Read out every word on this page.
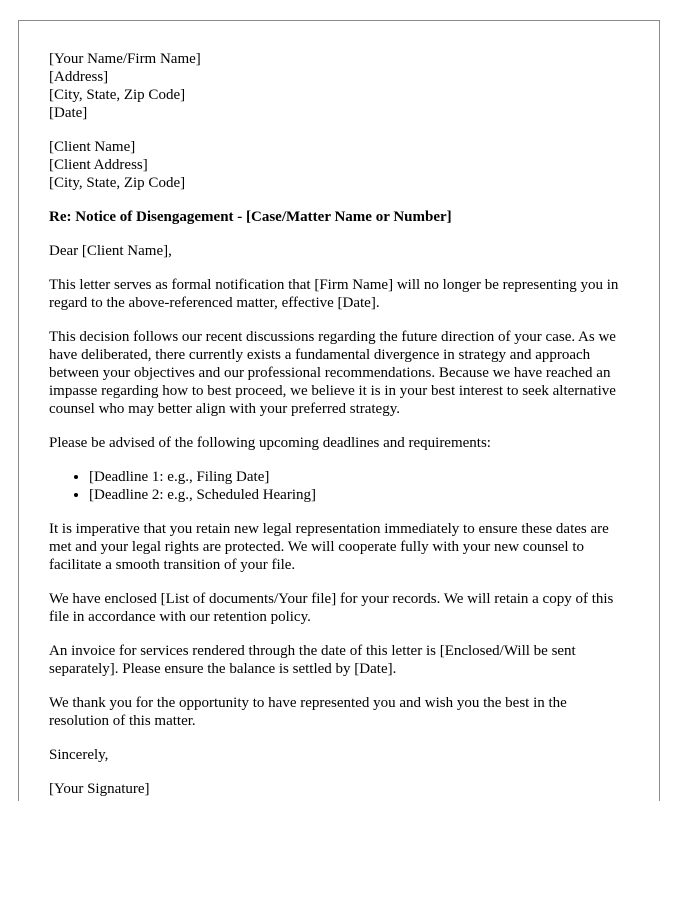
[Your Name/Firm Name]
[Address]
[City, State, Zip Code]
[Date]
[Client Name]
[Client Address]
[City, State, Zip Code]
Re: Notice of Disengagement - [Case/Matter Name or Number]

Dear [Client Name],

This letter serves as formal notification that [Firm Name] will no longer be representing you in regard to the above-referenced matter, effective [Date].

This decision follows our recent discussions regarding the future direction of your case. As we have deliberated, there currently exists a fundamental divergence in strategy and approach between your objectives and our professional recommendations. Because we have reached an impasse regarding how to best proceed, we believe it is in your best interest to seek alternative counsel who may better align with your preferred strategy.

Please be advised of the following upcoming deadlines and requirements:

• [Deadline 1: e.g., Filing Date]
• [Deadline 2: e.g., Scheduled Hearing]

It is imperative that you retain new legal representation immediately to ensure these dates are met and your legal rights are protected. We will cooperate fully with your new counsel to facilitate a smooth transition of your file.

We have enclosed [List of documents/Your file] for your records. We will retain a copy of this file in accordance with our retention policy.

An invoice for services rendered through the date of this letter is [Enclosed/Will be sent separately]. Please ensure the balance is settled by [Date].

We thank you for the opportunity to have represented you and wish you the best in the resolution of this matter.

Sincerely,

[Your Signature]
